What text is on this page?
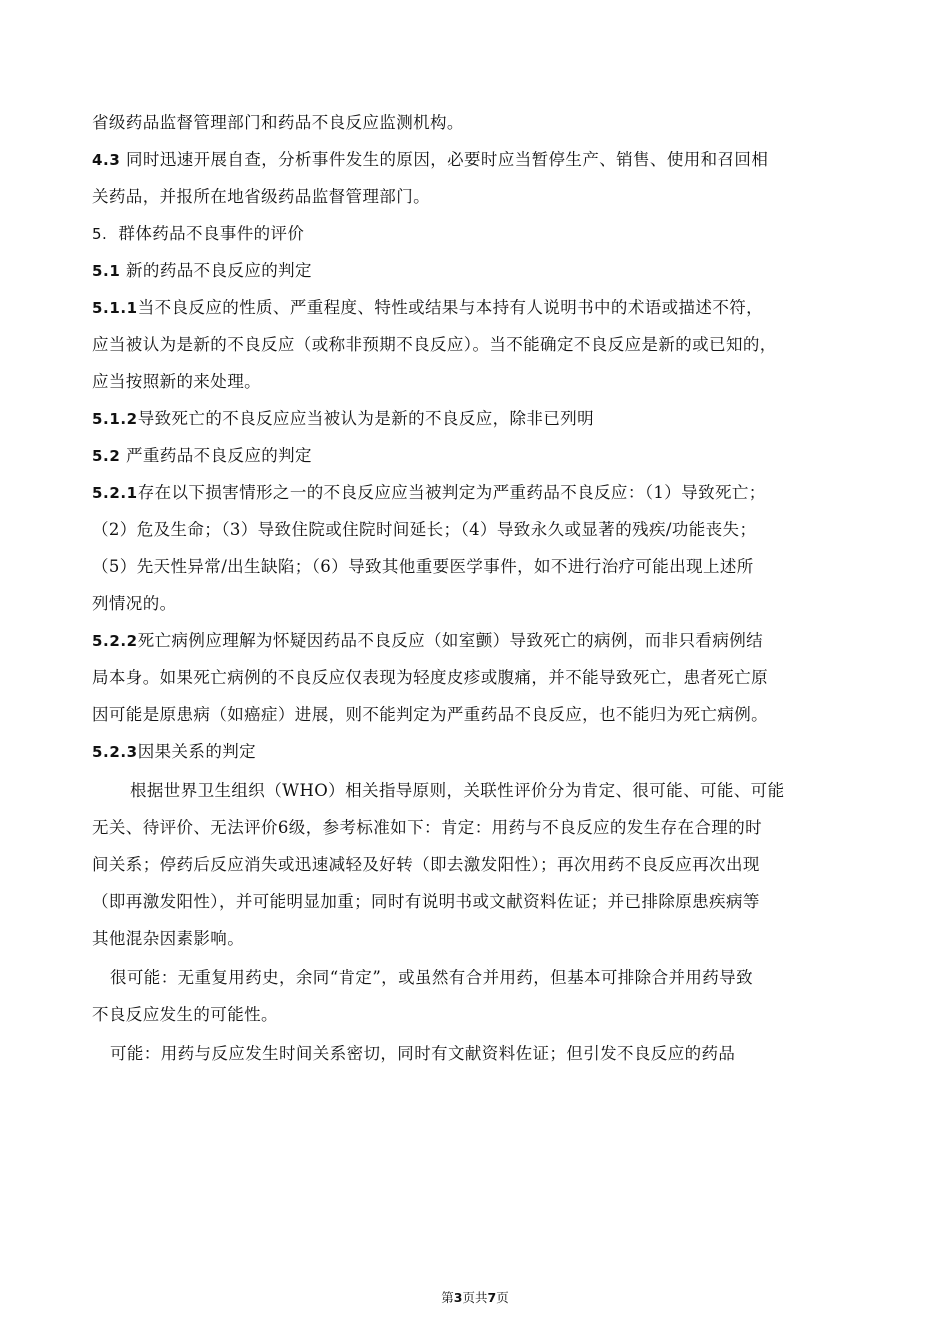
省级药品监督管理部门和药品不良反应监测机构。
4.3 同时迅速开展自查，分析事件发生的原因，必要时应当暂停生产、销售、使用和召回相
关药品，并报所在地省级药品监督管理部门。
5. 群体药品不良事件的评价
5.1 新的药品不良反应的判定
5.1.1当不良反应的性质、严重程度、特性或结果与本持有人说明书中的术语或描述不符，
应当被认为是新的不良反应（或称非预期不良反应）。当不能确定不良反应是新的或已知的，
应当按照新的来处理。
5.1.2导致死亡的不良反应应当被认为是新的不良反应，除非已列明
5.2 严重药品不良反应的判定
5.2.1存在以下损害情形之一的不良反应应当被判定为严重药品不良反应：（1）导致死亡；
（2）危及生命；（3）导致住院或住院时间延长；（4）导致永久或显著的残疾/功能丧失；
（5）先天性异常/出生缺陷；（6）导致其他重要医学事件，如不进行治疗可能出现上述所
列情况的。
5.2.2死亡病例应理解为怀疑因药品不良反应（如室颤）导致死亡的病例，而非只看病例结
局本身。如果死亡病例的不良反应仅表现为轻度皮疹或腹痛，并不能导致死亡，患者死亡原
因可能是原患病（如癌症）进展，则不能判定为严重药品不良反应，也不能归为死亡病例。
5.2.3因果关系的判定
根据世界卫生组织（WHO）相关指导原则，关联性评价分为肯定、很可能、可能、可能
无关、待评价、无法评价6级，参考标准如下：肯定：用药与不良反应的发生存在合理的时
间关系；停药后反应消失或迅速减轻及好转（即去激发阳性）；再次用药不良反应再次出现
（即再激发阳性），并可能明显加重；同时有说明书或文献资料佐证；并已排除原患疾病等
其他混杂因素影响。
很可能：无重复用药史，余同“肯定”，或虽然有合并用药，但基本可排除合并用药导致
不良反应发生的可能性。
可能：用药与反应发生时间关系密切，同时有文献资料佐证；但引发不良反应的药品
第3页共7页
